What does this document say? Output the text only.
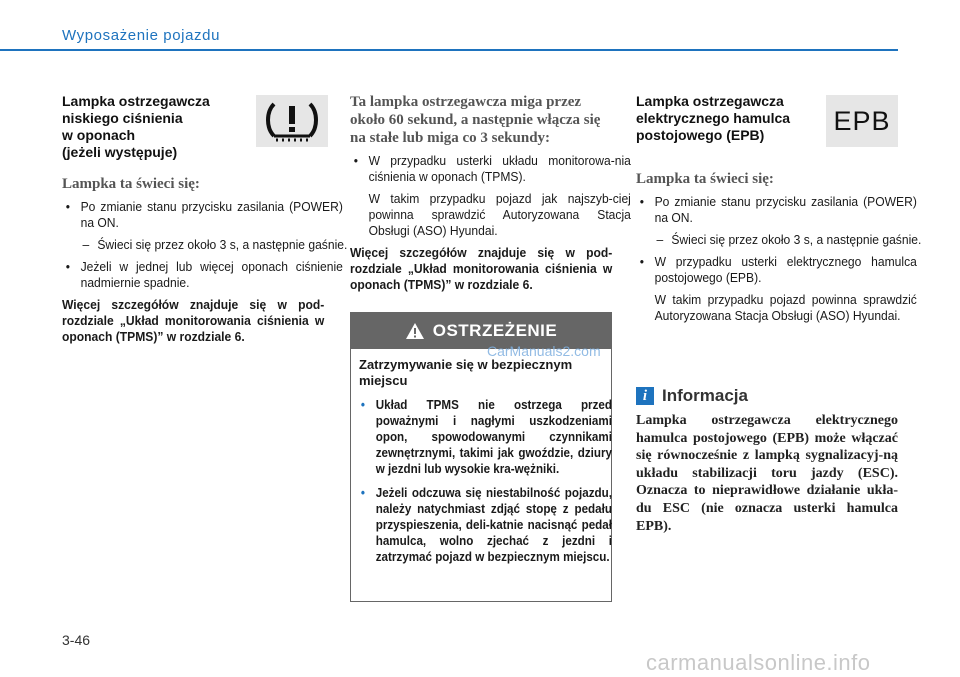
Wyposażenie pojazdu
Lampka ostrzegawcza
niskiego ciśnienia
w oponach
(jeżeli występuje)
Lampka ta świeci się:
• Po zmianie stanu przycisku zasilania (POWER) na ON.
– Świeci się przez około 3 s, a następnie gaśnie.
• Jeżeli w jednej lub więcej oponach ciśnienie nadmiernie spadnie.
Więcej szczegółów znajduje się w pod-rozdziale „Układ monitorowania ciśnienia w oponach (TPMS)” w rozdziale 6.
Ta lampka ostrzegawcza miga przez około 60 sekund, a następnie włącza się na stałe lub miga co 3 sekundy:
• W przypadku usterki układu monitorowa-nia ciśnienia w oponach (TPMS).
W takim przypadku pojazd jak najszyb-ciej powinna sprawdzić Autoryzowana Stacja Obsługi (ASO) Hyundai.
Więcej szczegółów znajduje się w pod-rozdziale „Układ monitorowania ciśnienia w oponach (TPMS)” w rozdziale 6.
OSTRZEŻENIE
Zatrzymywanie się w bezpiecznym miejscu
• Układ TPMS nie ostrzega przed poważnymi i nagłymi uszkodzeniami opon, spowodowanymi czynnikami zewnętrznymi, takimi jak gwoździe, dziury w jezdni lub wysokie kra-wężniki.
• Jeżeli odczuwa się niestabilność pojazdu, należy natychmiast zdjąć stopę z pedału przyspieszenia, deli-katnie nacisnąć pedał hamulca, wolno zjechać z jezdni i zatrzymać pojazd w bezpiecznym miejscu.
CarManuals2.com
Lampka ostrzegawcza
elektrycznego hamulca
postojowego (EPB)
Lampka ta świeci się:
• Po zmianie stanu przycisku zasilania (POWER) na ON.
– Świeci się przez około 3 s, a następnie gaśnie.
• W przypadku usterki elektrycznego hamulca postojowego (EPB).
W takim przypadku pojazd powinna sprawdzić Autoryzowana Stacja Obsługi (ASO) Hyundai.
EPB
i Informacja
Lampka ostrzegawcza elektrycznego hamulca postojowego (EPB) może włączać się równocześnie z lampką sygnalizacyj-ną układu stabilizacji toru jazdy (ESC). Oznacza to nieprawidłowe działanie ukła-du ESC (nie oznacza usterki hamulca EPB).
3-46
carmanualsonline.info
